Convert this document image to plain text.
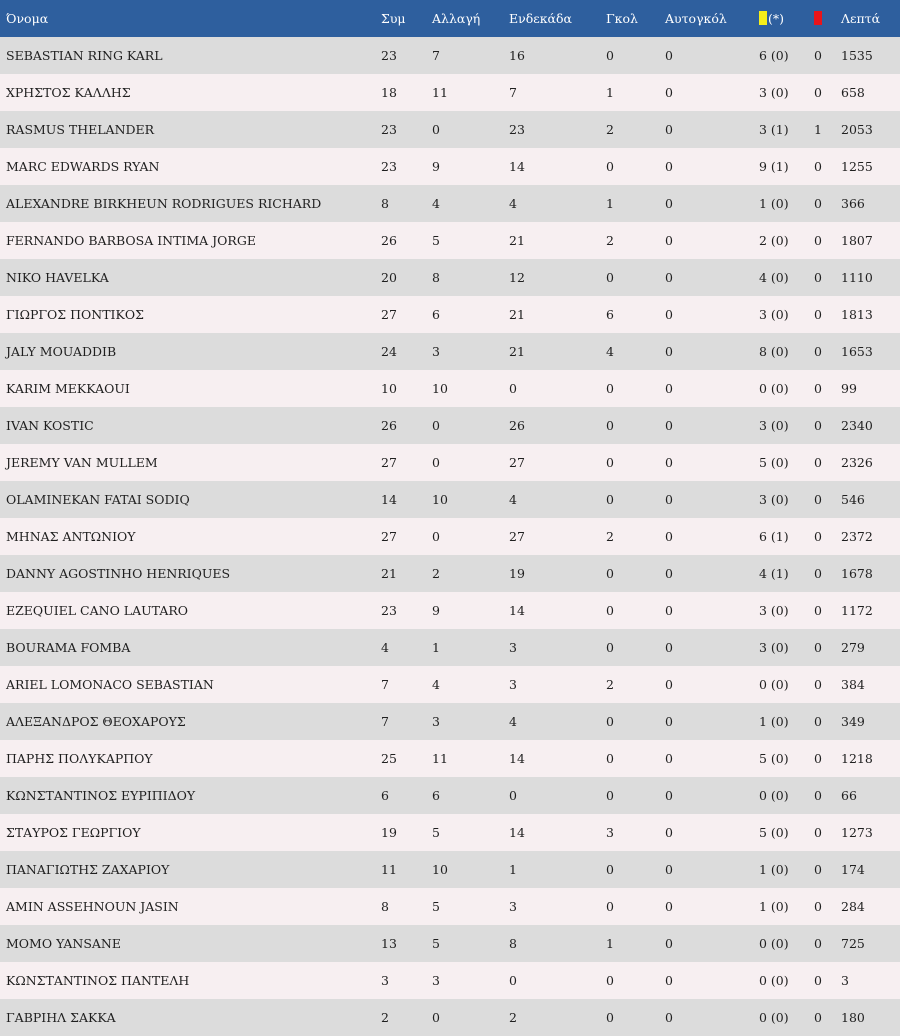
Όνομα	Συμ	Αλλαγή	Ενδεκάδα	Γκολ	Αυτογκόλ	(*)		Λεπτά
SEBASTIAN RING KARL	23	7	16	0	0	6 (0)	0	1535
ΧΡΗΣΤΟΣ ΚΑΛΛΗΣ	18	11	7	1	0	3 (0)	0	658
RASMUS THELANDER	23	0	23	2	0	3 (1)	1	2053
MARC EDWARDS RYAN	23	9	14	0	0	9 (1)	0	1255
ALEXANDRE BIRKHEUN RODRIGUES RICHARD	8	4	4	1	0	1 (0)	0	366
FERNANDO BARBOSA INTIMA JORGE	26	5	21	2	0	2 (0)	0	1807
NIKO HAVELKA	20	8	12	0	0	4 (0)	0	1110
ΓΙΩΡΓΟΣ ΠΟΝΤΙΚΟΣ	27	6	21	6	0	3 (0)	0	1813
JALY MOUADDIB	24	3	21	4	0	8 (0)	0	1653
KARIM MEKKAOUI	10	10	0	0	0	0 (0)	0	99
IVAN KOSTIC	26	0	26	0	0	3 (0)	0	2340
JEREMY VAN MULLEM	27	0	27	0	0	5 (0)	0	2326
OLAMINEKAN FATAI SODIQ	14	10	4	0	0	3 (0)	0	546
ΜΗΝΑΣ ΑΝΤΩΝΙΟΥ	27	0	27	2	0	6 (1)	0	2372
DANNY AGOSTINHO HENRIQUES	21	2	19	0	0	4 (1)	0	1678
EZEQUIEL CANO LAUTARO	23	9	14	0	0	3 (0)	0	1172
BOURAMA FOMBA	4	1	3	0	0	3 (0)	0	279
ARIEL LOMONACO SEBASTIAN	7	4	3	2	0	0 (0)	0	384
ΑΛΕΞΑΝΔΡΟΣ ΘΕΟΧΑΡΟΥΣ	7	3	4	0	0	1 (0)	0	349
ΠΑΡΗΣ ΠΟΛΥΚΑΡΠΟΥ	25	11	14	0	0	5 (0)	0	1218
ΚΩΝΣΤΑΝΤΙΝΟΣ ΕΥΡΙΠΙΔΟΥ	6	6	0	0	0	0 (0)	0	66
ΣΤΑΥΡΟΣ ΓΕΩΡΓΙΟΥ	19	5	14	3	0	5 (0)	0	1273
ΠΑΝΑΓΙΩΤΗΣ ΖΑΧΑΡΙΟΥ	11	10	1	0	0	1 (0)	0	174
AMIN ASSEHNOUN JASIN	8	5	3	0	0	1 (0)	0	284
MOMO YANSANE	13	5	8	1	0	0 (0)	0	725
ΚΩΝΣΤΑΝΤΙΝΟΣ ΠΑΝΤΕΛΗ	3	3	0	0	0	0 (0)	0	3
ΓΑΒΡΙΗΛ ΣΑΚΚΑ	2	0	2	0	0	0 (0)	0	180
